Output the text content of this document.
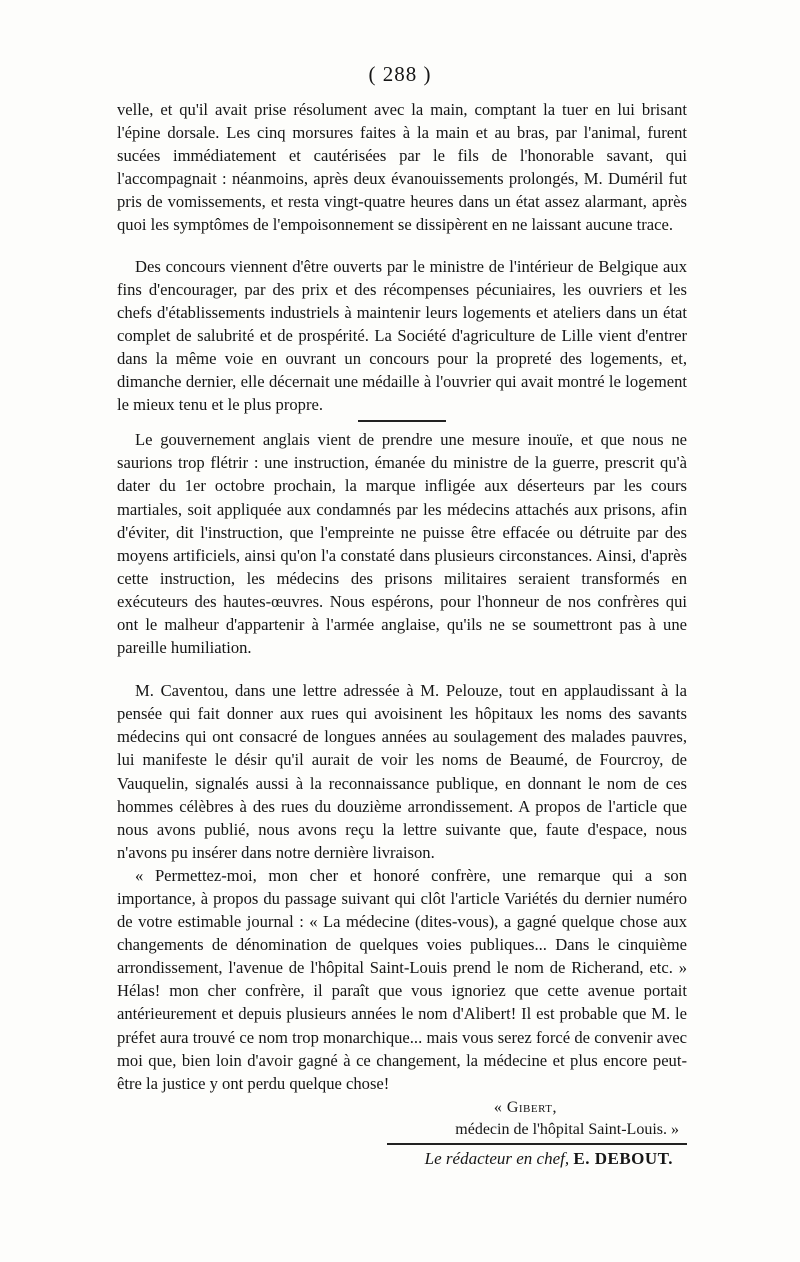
( 288 )

velle, et qu'il avait prise résolument avec la main, comptant la tuer en lui brisant l'épine dorsale. Les cinq morsures faites à la main et au bras, par l'animal, furent sucées immédiatement et cautérisées par le fils de l'honorable savant, qui l'accompagnait : néanmoins, après deux évanouissements prolongés, M. Duméril fut pris de vomissements, et resta vingt-quatre heures dans un état assez alarmant, après quoi les symptômes de l'empoisonnement se dissipèrent en ne laissant aucune trace.

Des concours viennent d'être ouverts par le ministre de l'intérieur de Belgique aux fins d'encourager, par des prix et des récompenses pécuniaires, les ouvriers et les chefs d'établissements industriels à maintenir leurs logements et ateliers dans un état complet de salubrité et de prospérité. La Société d'agriculture de Lille vient d'entrer dans la même voie en ouvrant un concours pour la propreté des logements, et, dimanche dernier, elle décernait une médaille à l'ouvrier qui avait montré le logement le mieux tenu et le plus propre.

Le gouvernement anglais vient de prendre une mesure inouïe, et que nous ne saurions trop flétrir : une instruction, émanée du ministre de la guerre, prescrit qu'à dater du 1er octobre prochain, la marque infligée aux déserteurs par les cours martiales, soit appliquée aux condamnés par les médecins attachés aux prisons, afin d'éviter, dit l'instruction, que l'empreinte ne puisse être effacée ou détruite par des moyens artificiels, ainsi qu'on l'a constaté dans plusieurs circonstances. Ainsi, d'après cette instruction, les médecins des prisons militaires seraient transformés en exécuteurs des hautes-œuvres. Nous espérons, pour l'honneur de nos confrères qui ont le malheur d'appartenir à l'armée anglaise, qu'ils ne se soumettront pas à une pareille humiliation.

M. Caventou, dans une lettre adressée à M. Pelouze, tout en applaudissant à la pensée qui fait donner aux rues qui avoisinent les hôpitaux les noms des savants médecins qui ont consacré de longues années au soulagement des malades pauvres, lui manifeste le désir qu'il aurait de voir les noms de Beaumé, de Fourcroy, de Vauquelin, signalés aussi à la reconnaissance publique, en donnant le nom de ces hommes célèbres à des rues du douzième arrondissement. A propos de l'article que nous avons publié, nous avons reçu la lettre suivante que, faute d'espace, nous n'avons pu insérer dans notre dernière livraison.

« Permettez-moi, mon cher et honoré confrère, une remarque qui a son importance, à propos du passage suivant qui clôt l'article Variétés du dernier numéro de votre estimable journal : « La médecine (dites-vous), a gagné quelque chose aux changements de dénomination de quelques voies publiques... Dans le cinquième arrondissement, l'avenue de l'hôpital Saint-Louis prend le nom de Richerand, etc. » Hélas! mon cher confrère, il paraît que vous ignoriez que cette avenue portait antérieurement et depuis plusieurs années le nom d'Alibert! Il est probable que M. le préfet aura trouvé ce nom trop monarchique... mais vous serez forcé de convenir avec moi que, bien loin d'avoir gagné à ce changement, la médecine et plus encore peut-être la justice y ont perdu quelque chose!

« Gibert,
médecin de l'hôpital Saint-Louis. »
Le rédacteur en chef, E. DEBOUT.
